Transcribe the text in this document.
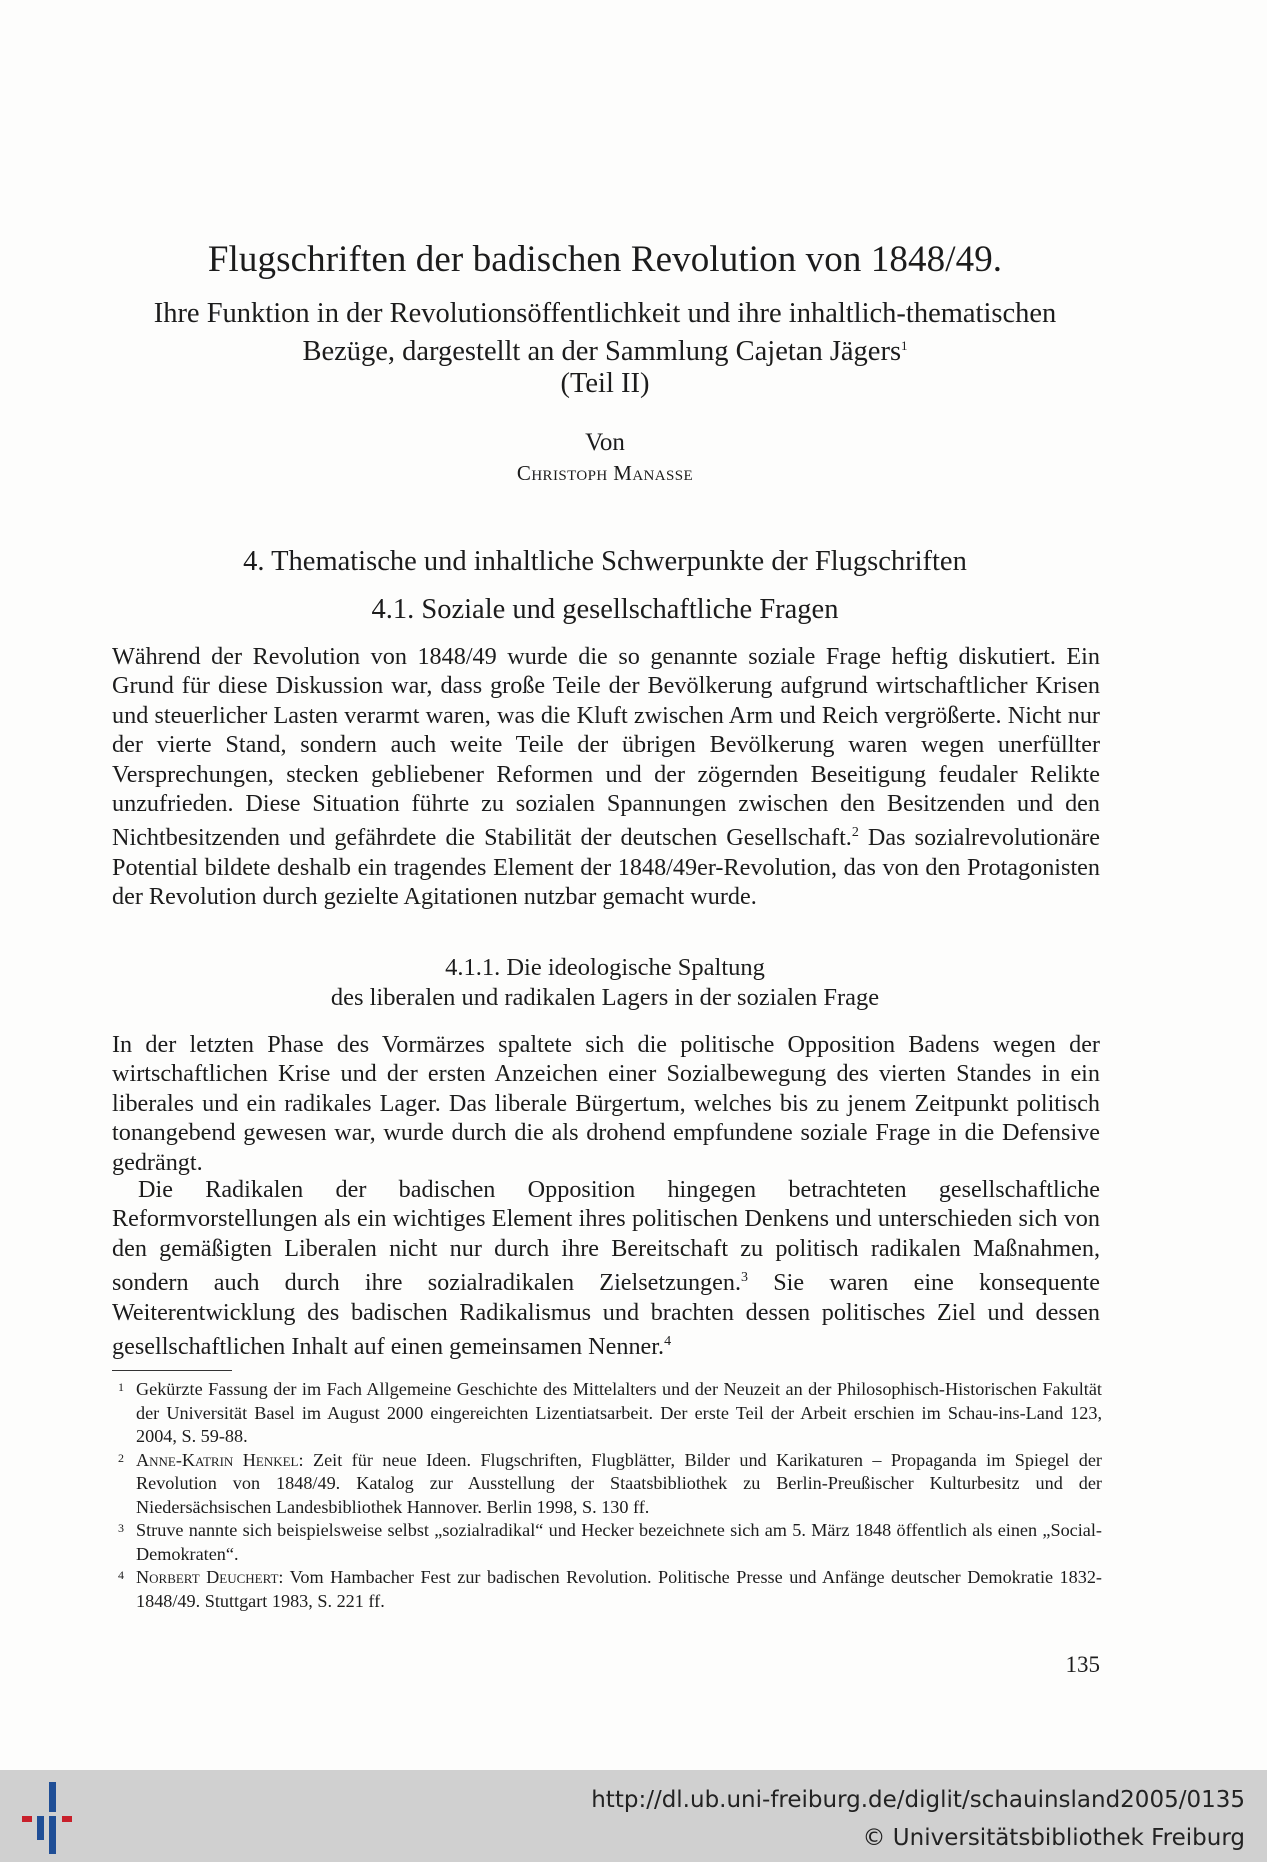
Flugschriften der badischen Revolution von 1848/49.
Ihre Funktion in der Revolutionsöffentlichkeit und ihre inhaltlich-thematischen
Bezüge, dargestellt an der Sammlung Cajetan Jägers$^1$
(Teil II)
Von
Christoph Manasse
4. Thematische und inhaltliche Schwerpunkte der Flugschriften
4.1. Soziale und gesellschaftliche Fragen
Während der Revolution von 1848/49 wurde die so genannte soziale Frage heftig diskutiert. Ein Grund für diese Diskussion war, dass große Teile der Bevölkerung aufgrund wirtschaftlicher Krisen und steuerlicher Lasten verarmt waren, was die Kluft zwischen Arm und Reich vergrößerte. Nicht nur der vierte Stand, sondern auch weite Teile der übrigen Bevölkerung waren wegen unerfüllter Versprechungen, stecken gebliebener Reformen und der zögernden Beseitigung feudaler Relikte unzufrieden. Diese Situation führte zu sozialen Spannungen zwischen den Besitzenden und den Nichtbesitzenden und gefährdete die Stabilität der deutschen Gesellschaft.$^2$ Das sozialrevolutionäre Potential bildete deshalb ein tragendes Element der 1848/49er-Revolution, das von den Protagonisten der Revolution durch gezielte Agitationen nutzbar gemacht wurde.
4.1.1. Die ideologische Spaltung
des liberalen und radikalen Lagers in der sozialen Frage
In der letzten Phase des Vormärzes spaltete sich die politische Opposition Badens wegen der wirtschaftlichen Krise und der ersten Anzeichen einer Sozialbewegung des vierten Standes in ein liberales und ein radikales Lager. Das liberale Bürgertum, welches bis zu jenem Zeitpunkt politisch tonangebend gewesen war, wurde durch die als drohend empfundene soziale Frage in die Defensive gedrängt.
Die Radikalen der badischen Opposition hingegen betrachteten gesellschaftliche Reformvorstellungen als ein wichtiges Element ihres politischen Denkens und unterschieden sich von den gemäßigten Liberalen nicht nur durch ihre Bereitschaft zu politisch radikalen Maßnahmen, sondern auch durch ihre sozialradikalen Zielsetzungen.$^3$ Sie waren eine konsequente Weiterentwicklung des badischen Radikalismus und brachten dessen politisches Ziel und dessen gesellschaftlichen Inhalt auf einen gemeinsamen Nenner.$^4$
1 Gekürzte Fassung der im Fach Allgemeine Geschichte des Mittelalters und der Neuzeit an der Philosophisch-Historischen Fakultät der Universität Basel im August 2000 eingereichten Lizentiatsarbeit. Der erste Teil der Arbeit erschien im Schau-ins-Land 123, 2004, S. 59-88.
2 Anne-Katrin Henkel: Zeit für neue Ideen. Flugschriften, Flugblätter, Bilder und Karikaturen – Propaganda im Spiegel der Revolution von 1848/49. Katalog zur Ausstellung der Staatsbibliothek zu Berlin-Preußischer Kulturbesitz und der Niedersächsischen Landesbibliothek Hannover. Berlin 1998, S. 130 ff.
3 Struve nannte sich beispielsweise selbst „sozialradikal“ und Hecker bezeichnete sich am 5. März 1848 öffentlich als einen „Social-Demokraten“.
4 Norbert Deuchert: Vom Hambacher Fest zur badischen Revolution. Politische Presse und Anfänge deutscher Demokratie 1832-1848/49. Stuttgart 1983, S. 221 ff.
135
http://dl.ub.uni-freiburg.de/diglit/schauinsland2005/0135
© Universitätsbibliothek Freiburg
